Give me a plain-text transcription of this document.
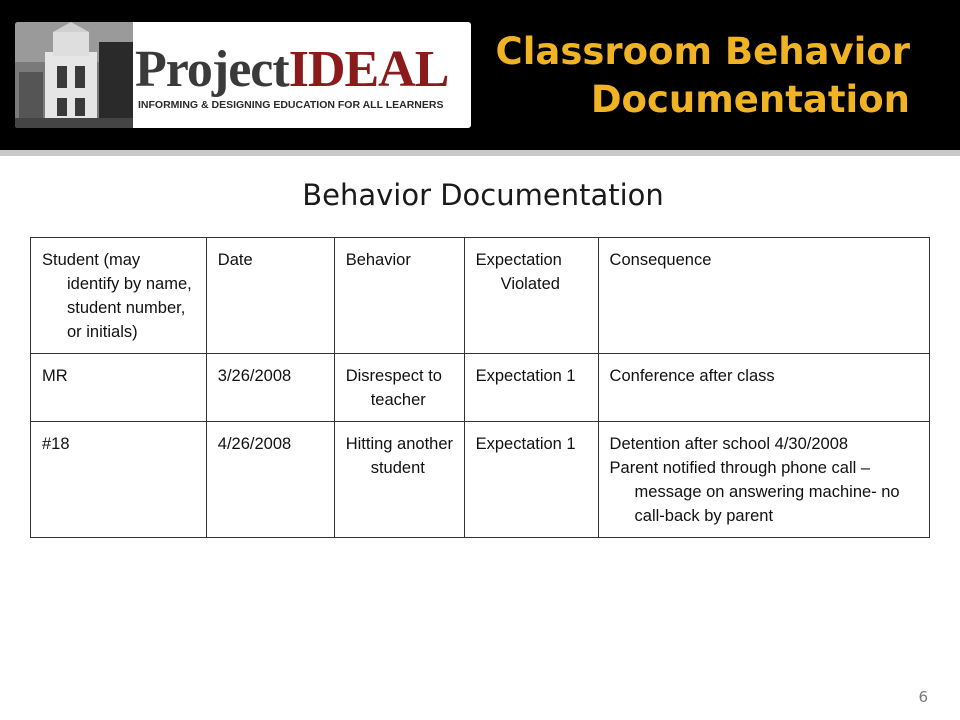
ProjectIDEAL
INFORMING & DESIGNING EDUCATION FOR ALL LEARNERS
Classroom Behavior
Documentation
Behavior Documentation
Student (may identify by name, student number, or initials)	Date	Behavior	Expectation Violated	Consequence
MR	3/26/2008	Disrespect to teacher	Expectation 1	Conference after class

#18	4/26/2008	Hitting another student	Expectation 1	Detention after school 4/30/2008
Parent notified through phone call – message on answering machine- no call-back by parent
6
